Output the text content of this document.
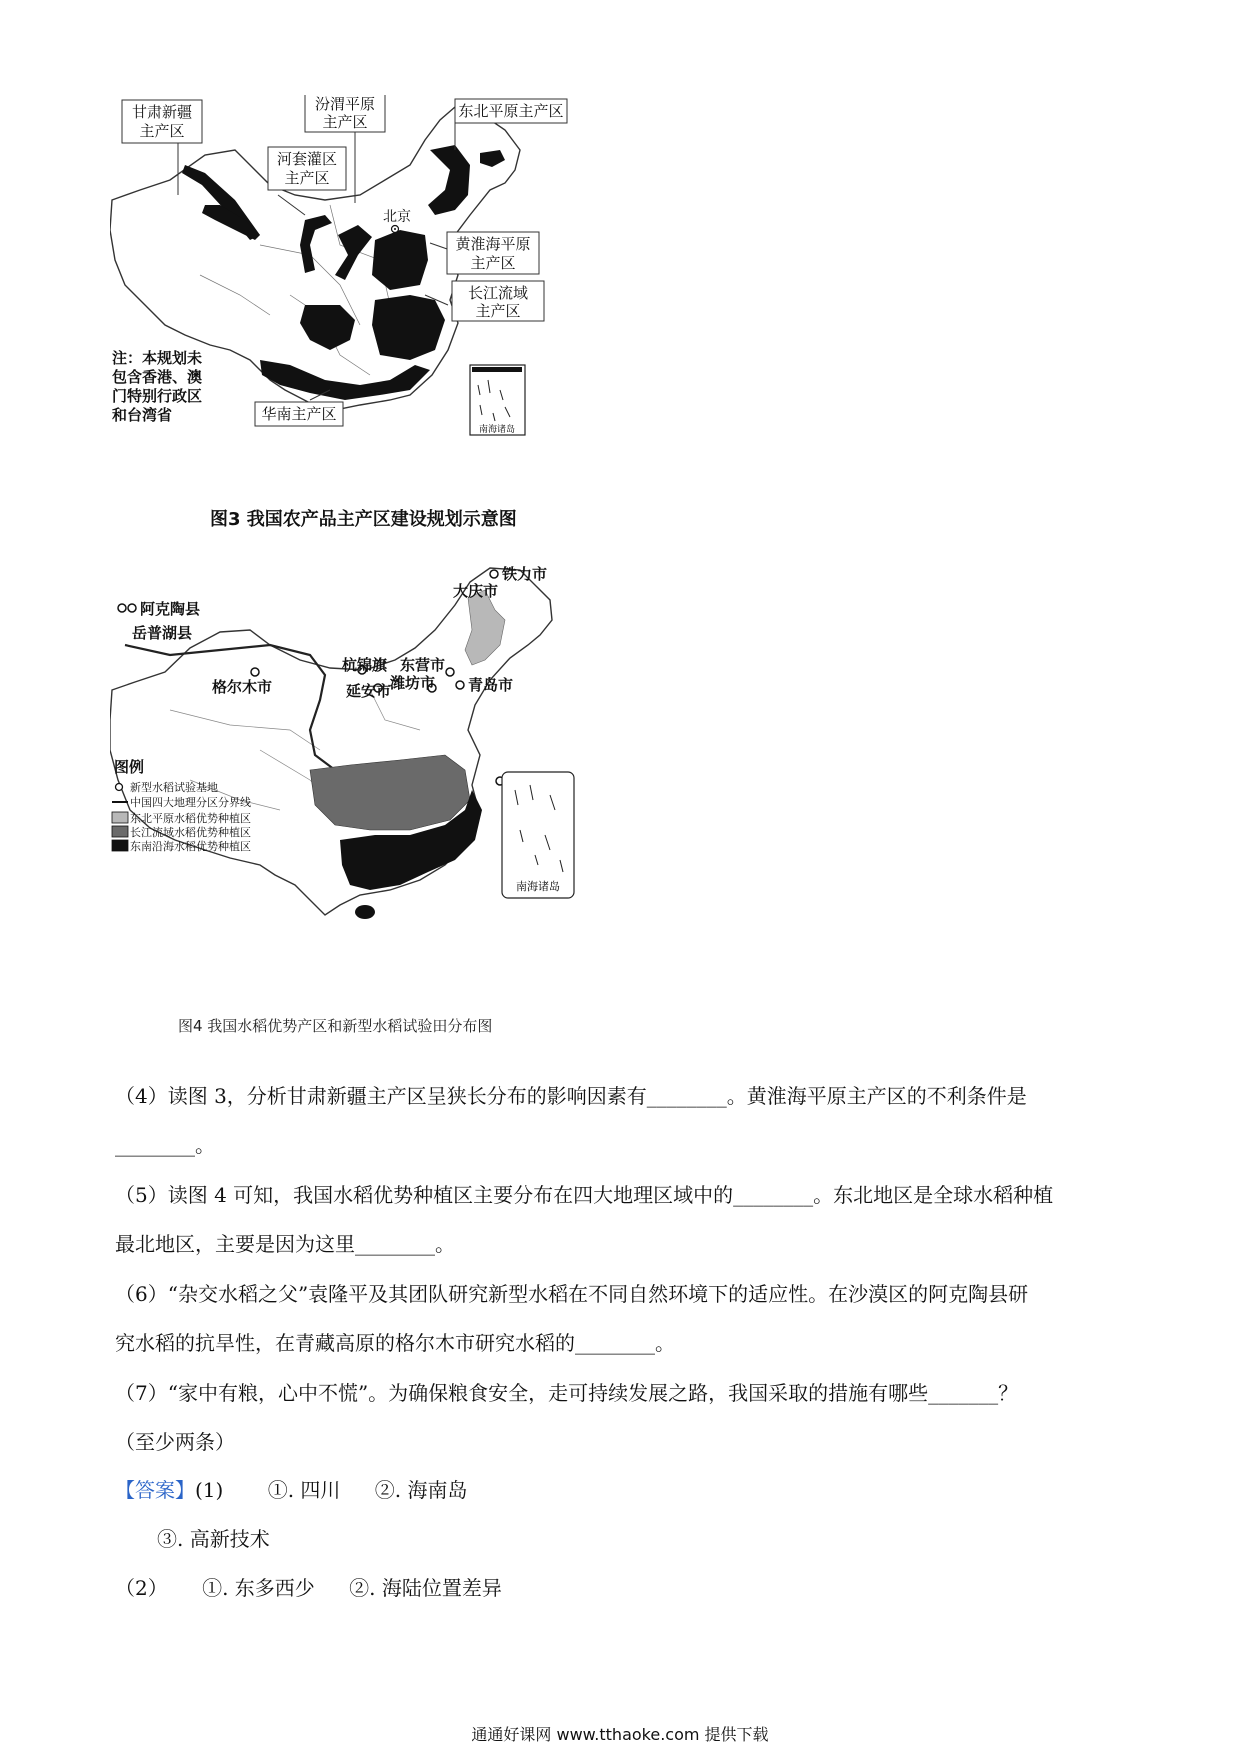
甘肃新疆
主产区
汾渭平原
主产区
东北平原主产区
河套灌区
主产区
北京
黄淮海平原
主产区
长江流域
主产区
华南主产区
注：本规划未
包含香港、澳
门特别行政区
和台湾省
南海诸岛
图3 我国农产品主产区建设规划示意图
铁力市
大庆市
阿克陶县
岳普湖县
杭锦旗 东营市
潍坊市 青岛市
延安市
格尔木市
图例
新型水稻试验基地
中国四大地理分区分界线
东北平原水稻优势种植区
长江流域水稻优势种植区
东南沿海水稻优势种植区
南海诸岛
图4 我国水稻优势产区和新型水稻试验田分布图
（4）读图 3，分析甘肃新疆主产区呈狭长分布的影响因素有________。黄淮海平原主产区的不利条件是
________。
（5）读图 4 可知，我国水稻优势种植区主要分布在四大地理区域中的________。东北地区是全球水稻种植
最北地区，主要是因为这里________。
（6）“杂交水稻之父”袁隆平及其团队研究新型水稻在不同自然环境下的适应性。在沙漠区的阿克陶县研
究水稻的抗旱性，在青藏高原的格尔木市研究水稻的________。
（7）“家中有粮，心中不慌”。为确保粮食安全，走可持续发展之路，我国采取的措施有哪些_______？
（至少两条）
【答案】(1) ①. 四川 ②. 海南岛
③. 高新技术
（2） ①. 东多西少 ②. 海陆位置差异
通通好课网 www.tthaoke.com 提供下载
